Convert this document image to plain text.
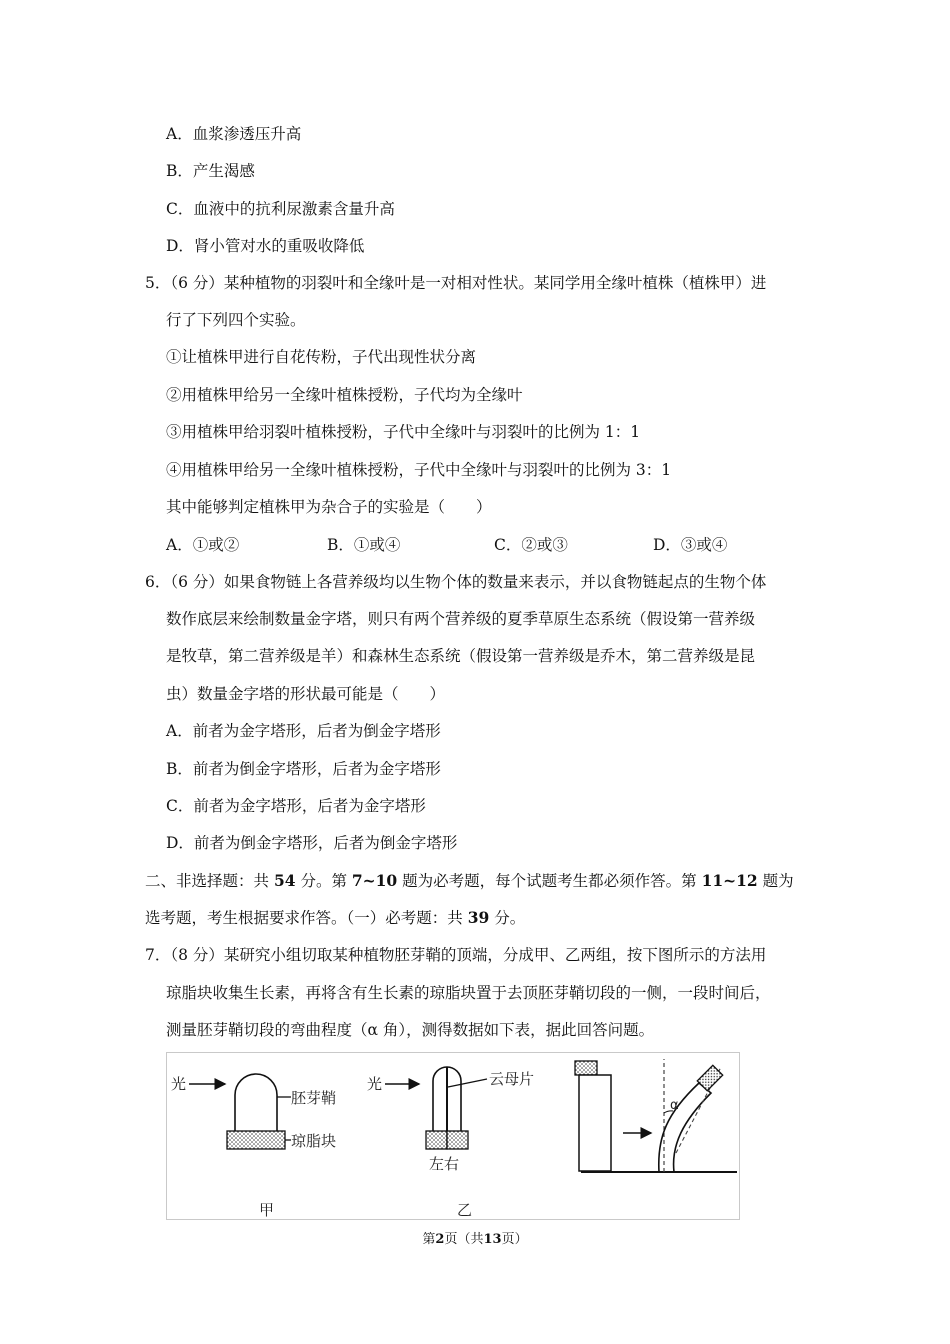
A．血浆渗透压升高
B．产生渴感
C．血液中的抗利尿激素含量升高
D．肾小管对水的重吸收降低
5．（6 分）某种植物的羽裂叶和全缘叶是一对相对性状。某同学用全缘叶植株（植株甲）进
行了下列四个实验。
①让植株甲进行自花传粉，子代出现性状分离
②用植株甲给另一全缘叶植株授粉，子代均为全缘叶
③用植株甲给羽裂叶植株授粉，子代中全缘叶与羽裂叶的比例为 1：1
④用植株甲给另一全缘叶植株授粉，子代中全缘叶与羽裂叶的比例为 3：1
其中能够判定植株甲为杂合子的实验是（　　）
A．①或②	B．①或④	C．②或③	D．③或④
6．（6 分）如果食物链上各营养级均以生物个体的数量来表示，并以食物链起点的生物个体
数作底层来绘制数量金字塔，则只有两个营养级的夏季草原生态系统（假设第一营养级
是牧草，第二营养级是羊）和森林生态系统（假设第一营养级是乔木，第二营养级是昆
虫）数量金字塔的形状最可能是（　　）
A．前者为金字塔形，后者为倒金字塔形
B．前者为倒金字塔形，后者为金字塔形
C．前者为金字塔形，后者为金字塔形
D．前者为倒金字塔形，后者为倒金字塔形
二、非选择题：共 54 分。第 7~10 题为必考题，每个试题考生都必须作答。第 11~12 题为
选考题，考生根据要求作答。（一）必考题：共 39 分。
7．（8 分）某研究小组切取某种植物胚芽鞘的顶端，分成甲、乙两组，按下图所示的方法用
琼脂块收集生长素，再将含有生长素的琼脂块置于去顶胚芽鞘切段的一侧，一段时间后，
测量胚芽鞘切段的弯曲程度（α 角），测得数据如下表，据此回答问题。
光
胚芽鞘
琼脂块
甲
光	云母片
左右
乙
α
第2页（共13页）
